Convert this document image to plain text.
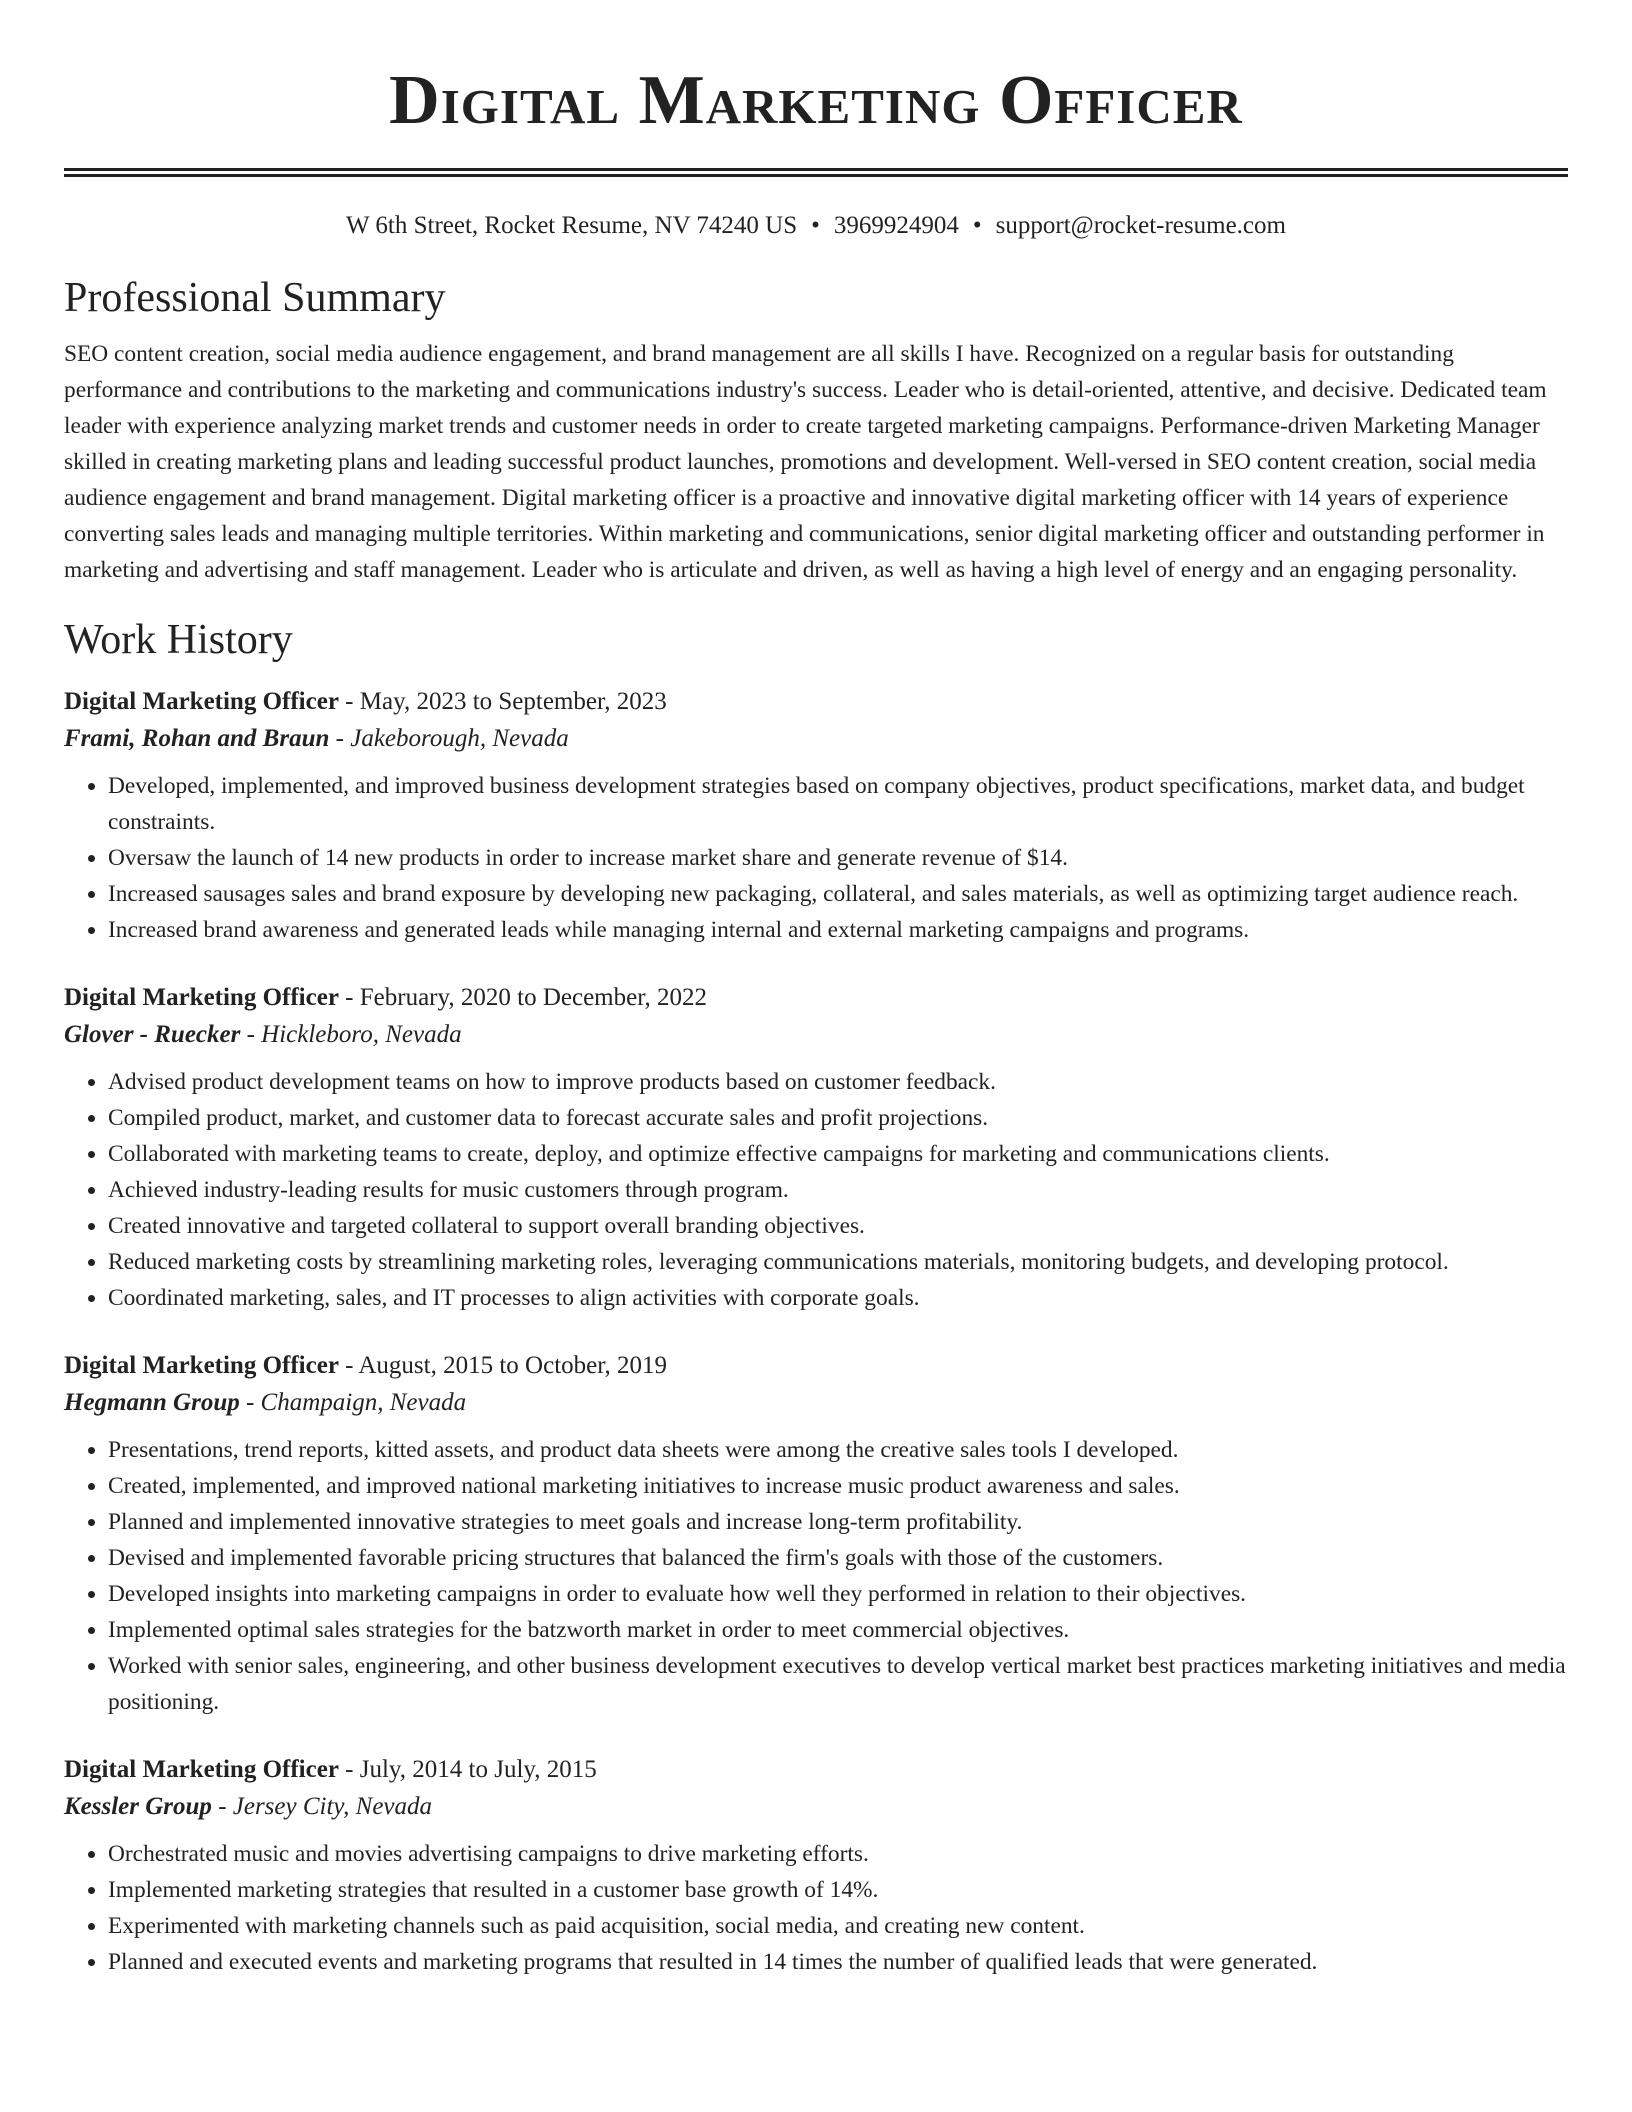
Digital Marketing Officer
W 6th Street, Rocket Resume, NV 74240 US • 3969924904 • support@rocket-resume.com
Professional Summary
SEO content creation, social media audience engagement, and brand management are all skills I have. Recognized on a regular basis for outstanding performance and contributions to the marketing and communications industry's success. Leader who is detail-oriented, attentive, and decisive. Dedicated team leader with experience analyzing market trends and customer needs in order to create targeted marketing campaigns. Performance-driven Marketing Manager skilled in creating marketing plans and leading successful product launches, promotions and development. Well-versed in SEO content creation, social media audience engagement and brand management. Digital marketing officer is a proactive and innovative digital marketing officer with 14 years of experience converting sales leads and managing multiple territories. Within marketing and communications, senior digital marketing officer and outstanding performer in marketing and advertising and staff management. Leader who is articulate and driven, as well as having a high level of energy and an engaging personality.
Work History
Digital Marketing Officer - May, 2023 to September, 2023
Frami, Rohan and Braun - Jakeborough, Nevada
• Developed, implemented, and improved business development strategies based on company objectives, product specifications, market data, and budget constraints.
• Oversaw the launch of 14 new products in order to increase market share and generate revenue of $14.
• Increased sausages sales and brand exposure by developing new packaging, collateral, and sales materials, as well as optimizing target audience reach.
• Increased brand awareness and generated leads while managing internal and external marketing campaigns and programs.
Digital Marketing Officer - February, 2020 to December, 2022
Glover - Ruecker - Hickleboro, Nevada
• Advised product development teams on how to improve products based on customer feedback.
• Compiled product, market, and customer data to forecast accurate sales and profit projections.
• Collaborated with marketing teams to create, deploy, and optimize effective campaigns for marketing and communications clients.
• Achieved industry-leading results for music customers through program.
• Created innovative and targeted collateral to support overall branding objectives.
• Reduced marketing costs by streamlining marketing roles, leveraging communications materials, monitoring budgets, and developing protocol.
• Coordinated marketing, sales, and IT processes to align activities with corporate goals.
Digital Marketing Officer - August, 2015 to October, 2019
Hegmann Group - Champaign, Nevada
• Presentations, trend reports, kitted assets, and product data sheets were among the creative sales tools I developed.
• Created, implemented, and improved national marketing initiatives to increase music product awareness and sales.
• Planned and implemented innovative strategies to meet goals and increase long-term profitability.
• Devised and implemented favorable pricing structures that balanced the firm's goals with those of the customers.
• Developed insights into marketing campaigns in order to evaluate how well they performed in relation to their objectives.
• Implemented optimal sales strategies for the batzworth market in order to meet commercial objectives.
• Worked with senior sales, engineering, and other business development executives to develop vertical market best practices marketing initiatives and media positioning.
Digital Marketing Officer - July, 2014 to July, 2015
Kessler Group - Jersey City, Nevada
• Orchestrated music and movies advertising campaigns to drive marketing efforts.
• Implemented marketing strategies that resulted in a customer base growth of 14%.
• Experimented with marketing channels such as paid acquisition, social media, and creating new content.
• Planned and executed events and marketing programs that resulted in 14 times the number of qualified leads that were generated.
